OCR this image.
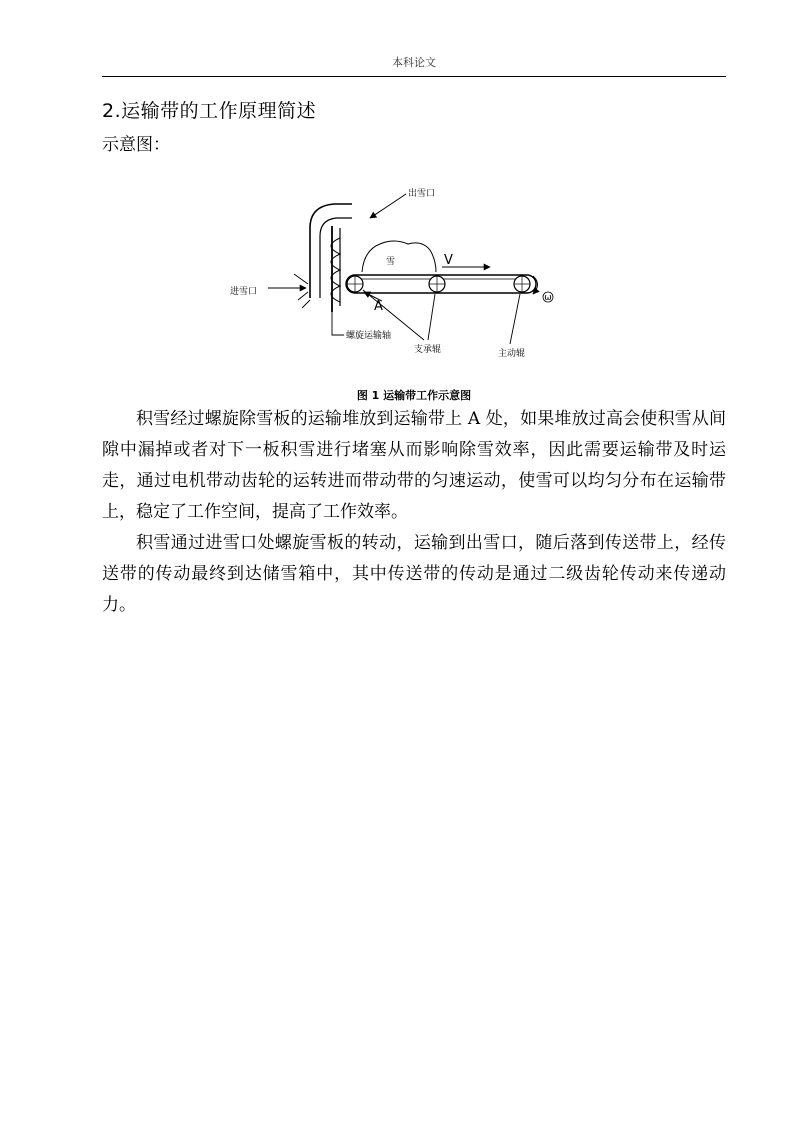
本科论文
2.运输带的工作原理简述
示意图：
ω
V
雪
A
出雪口
进雪口
螺旋运输轴
支承辊	主动辊
图 1 运输带工作示意图

积雪经过螺旋除雪板的运输堆放到运输带上 A 处，如果堆放过高会使积雪从间隙中漏掉或者对下一板积雪进行堵塞从而影响除雪效率，因此需要运输带及时运走，通过电机带动齿轮的运转进而带动带的匀速运动，使雪可以均匀分布在运输带上，稳定了工作空间，提高了工作效率。

积雪通过进雪口处螺旋雪板的转动，运输到出雪口，随后落到传送带上，经传送带的传动最终到达储雪箱中，其中传送带的传动是通过二级齿轮传动来传递动力。
